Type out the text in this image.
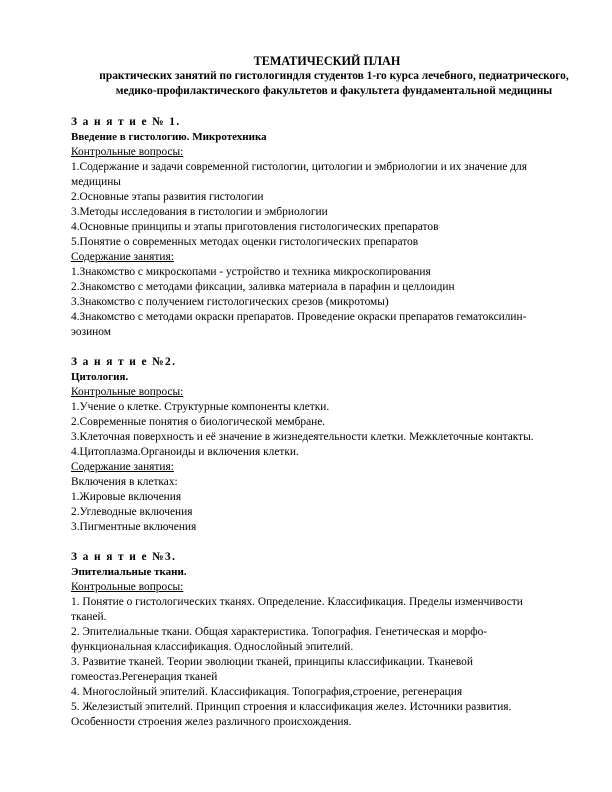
ТЕМАТИЧЕСКИЙ ПЛАН
практических занятий по гистологиндля студентов 1-го курса лечебного, педиатрического, медико-профилактического факультетов и факультета фундаментальной медицины
З а н я т и е № 1.
Введение в гистологию. Микротехника
Контрольные вопросы:
1.Содержание и задачи современной гистологии, цитологии и эмбриологии и их значение для медицины
2.Основные этапы развития гистологии
3.Методы исследования в гистологии и эмбриологии
4.Основные принципы и этапы приготовления гистологических препаратов
5.Понятие о современных методах оценки гистологических препаратов
Содержание занятия:
1.Знакомство с микроскопами - устройство и техника микроскопирования
2.Знакомство с методами фиксации, заливка материала в парафин и целлоидин
3.Знакомство с получением гистологических срезов (микротомы)
4.Знакомство с методами окраски препаратов. Проведение окраски препаратов гематоксилин-эозином
З а н я т и е №2.
Цитология.
Контрольные вопросы:
1.Учение о клетке. Структурные компоненты клетки.
2.Современные понятия о биологической мембране.
3.Клеточная поверхность и её значение в жизнедеятельности клетки. Межклеточные контакты.
4.Цитоплазма.Органоиды и включения клетки.
Содержание занятия:
Включения в клетках:
1.Жировые включения
2.Углеводные включения
3.Пигментные включения
З а н я т и е №3.
Эпителиальные ткани.
Контрольные вопросы:
1. Понятие о гистологических тканях. Определение. Классификация. Пределы изменчивости тканей.
2. Эпителиальные ткани. Общая характеристика. Топография. Генетическая и морфо-функциональная классификация. Однослойный эпителий.
3. Развитие тканей. Теории эволюции тканей, принципы классификации. Тканевой гомеостаз.Регенерация тканей
4. Многослойный эпителий. Классификация. Топография,строение, регенерация
5. Железистый эпителий. Принцип строения и классификация желез. Источники развития. Особенности строения желез различного происхождения.
